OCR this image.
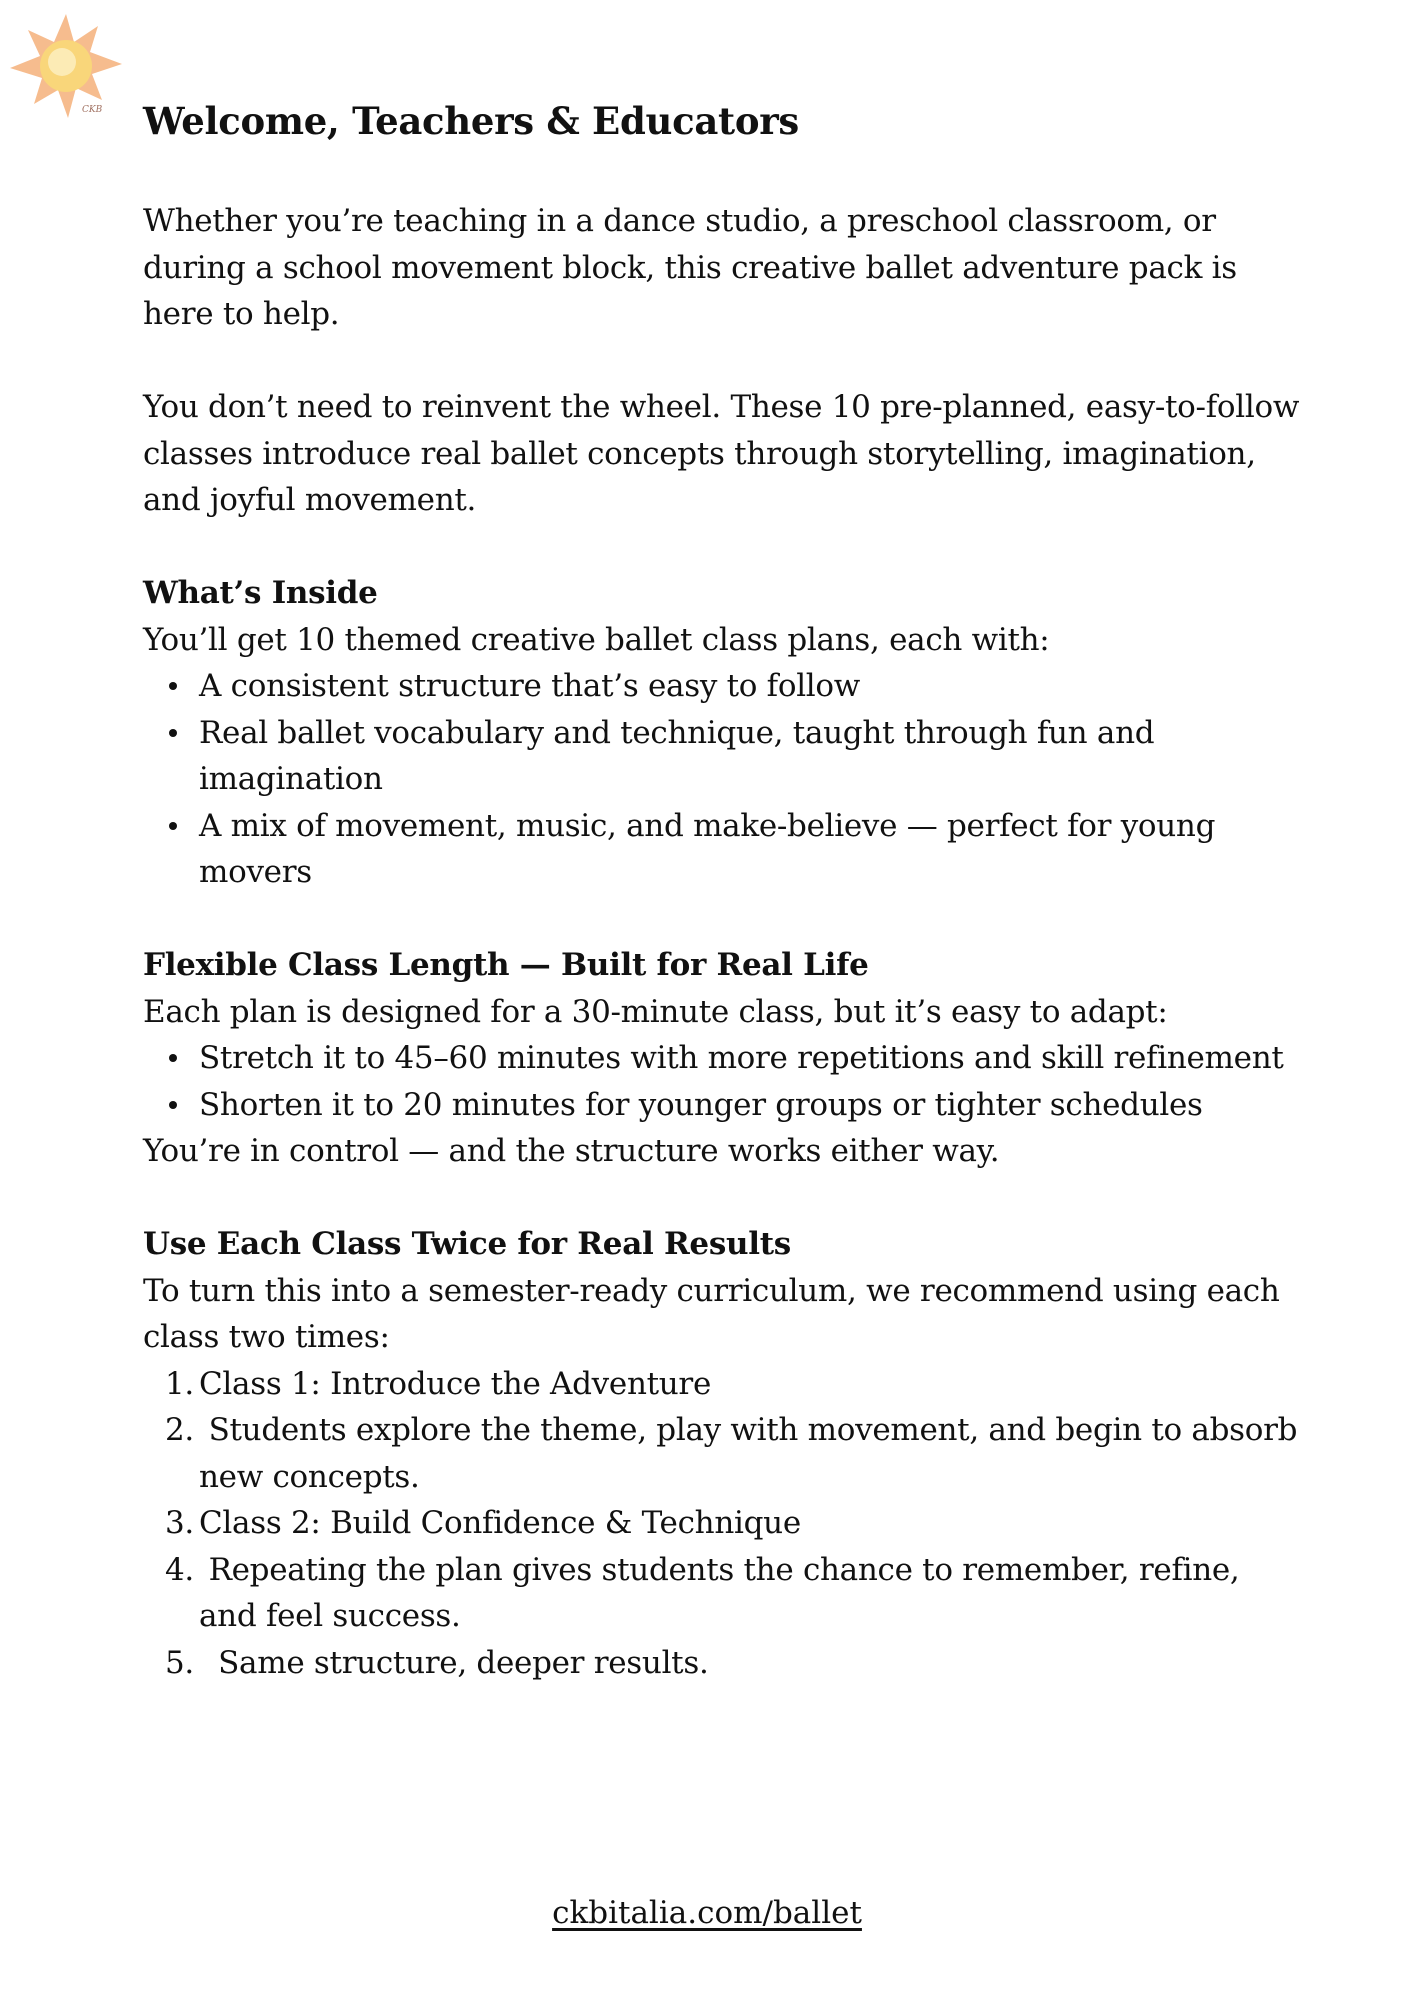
CKB Welcome, Teachers & Educators

Whether you’re teaching in a dance studio, a preschool classroom, or during a school movement block, this creative ballet adventure pack is here to help.

You don’t need to reinvent the wheel. These 10 pre-planned, easy-to-follow classes introduce real ballet concepts through storytelling, imagination, and joyful movement.

What’s Inside

You’ll get 10 themed creative ballet class plans, each with:

A consistent structure that’s easy to follow
Real ballet vocabulary and technique, taught through fun and imagination
A mix of movement, music, and make-believe — perfect for young movers
Flexible Class Length — Built for Real Life

Each plan is designed for a 30-minute class, but it’s easy to adapt:

Stretch it to 45–60 minutes with more repetitions and skill refinement
Shorten it to 20 minutes for younger groups or tighter schedules

You’re in control — and the structure works either way.

Use Each Class Twice for Real Results

To turn this into a semester-ready curriculum, we recommend using each class two times:

1. Class 1: Introduce the Adventure
2. Students explore the theme, play with movement, and begin to absorb new concepts.
3. Class 2: Build Confidence & Technique
4. Repeating the plan gives students the chance to remember, refine, and feel success.
5. Same structure, deeper results.
ckbitalia.com/ballet
